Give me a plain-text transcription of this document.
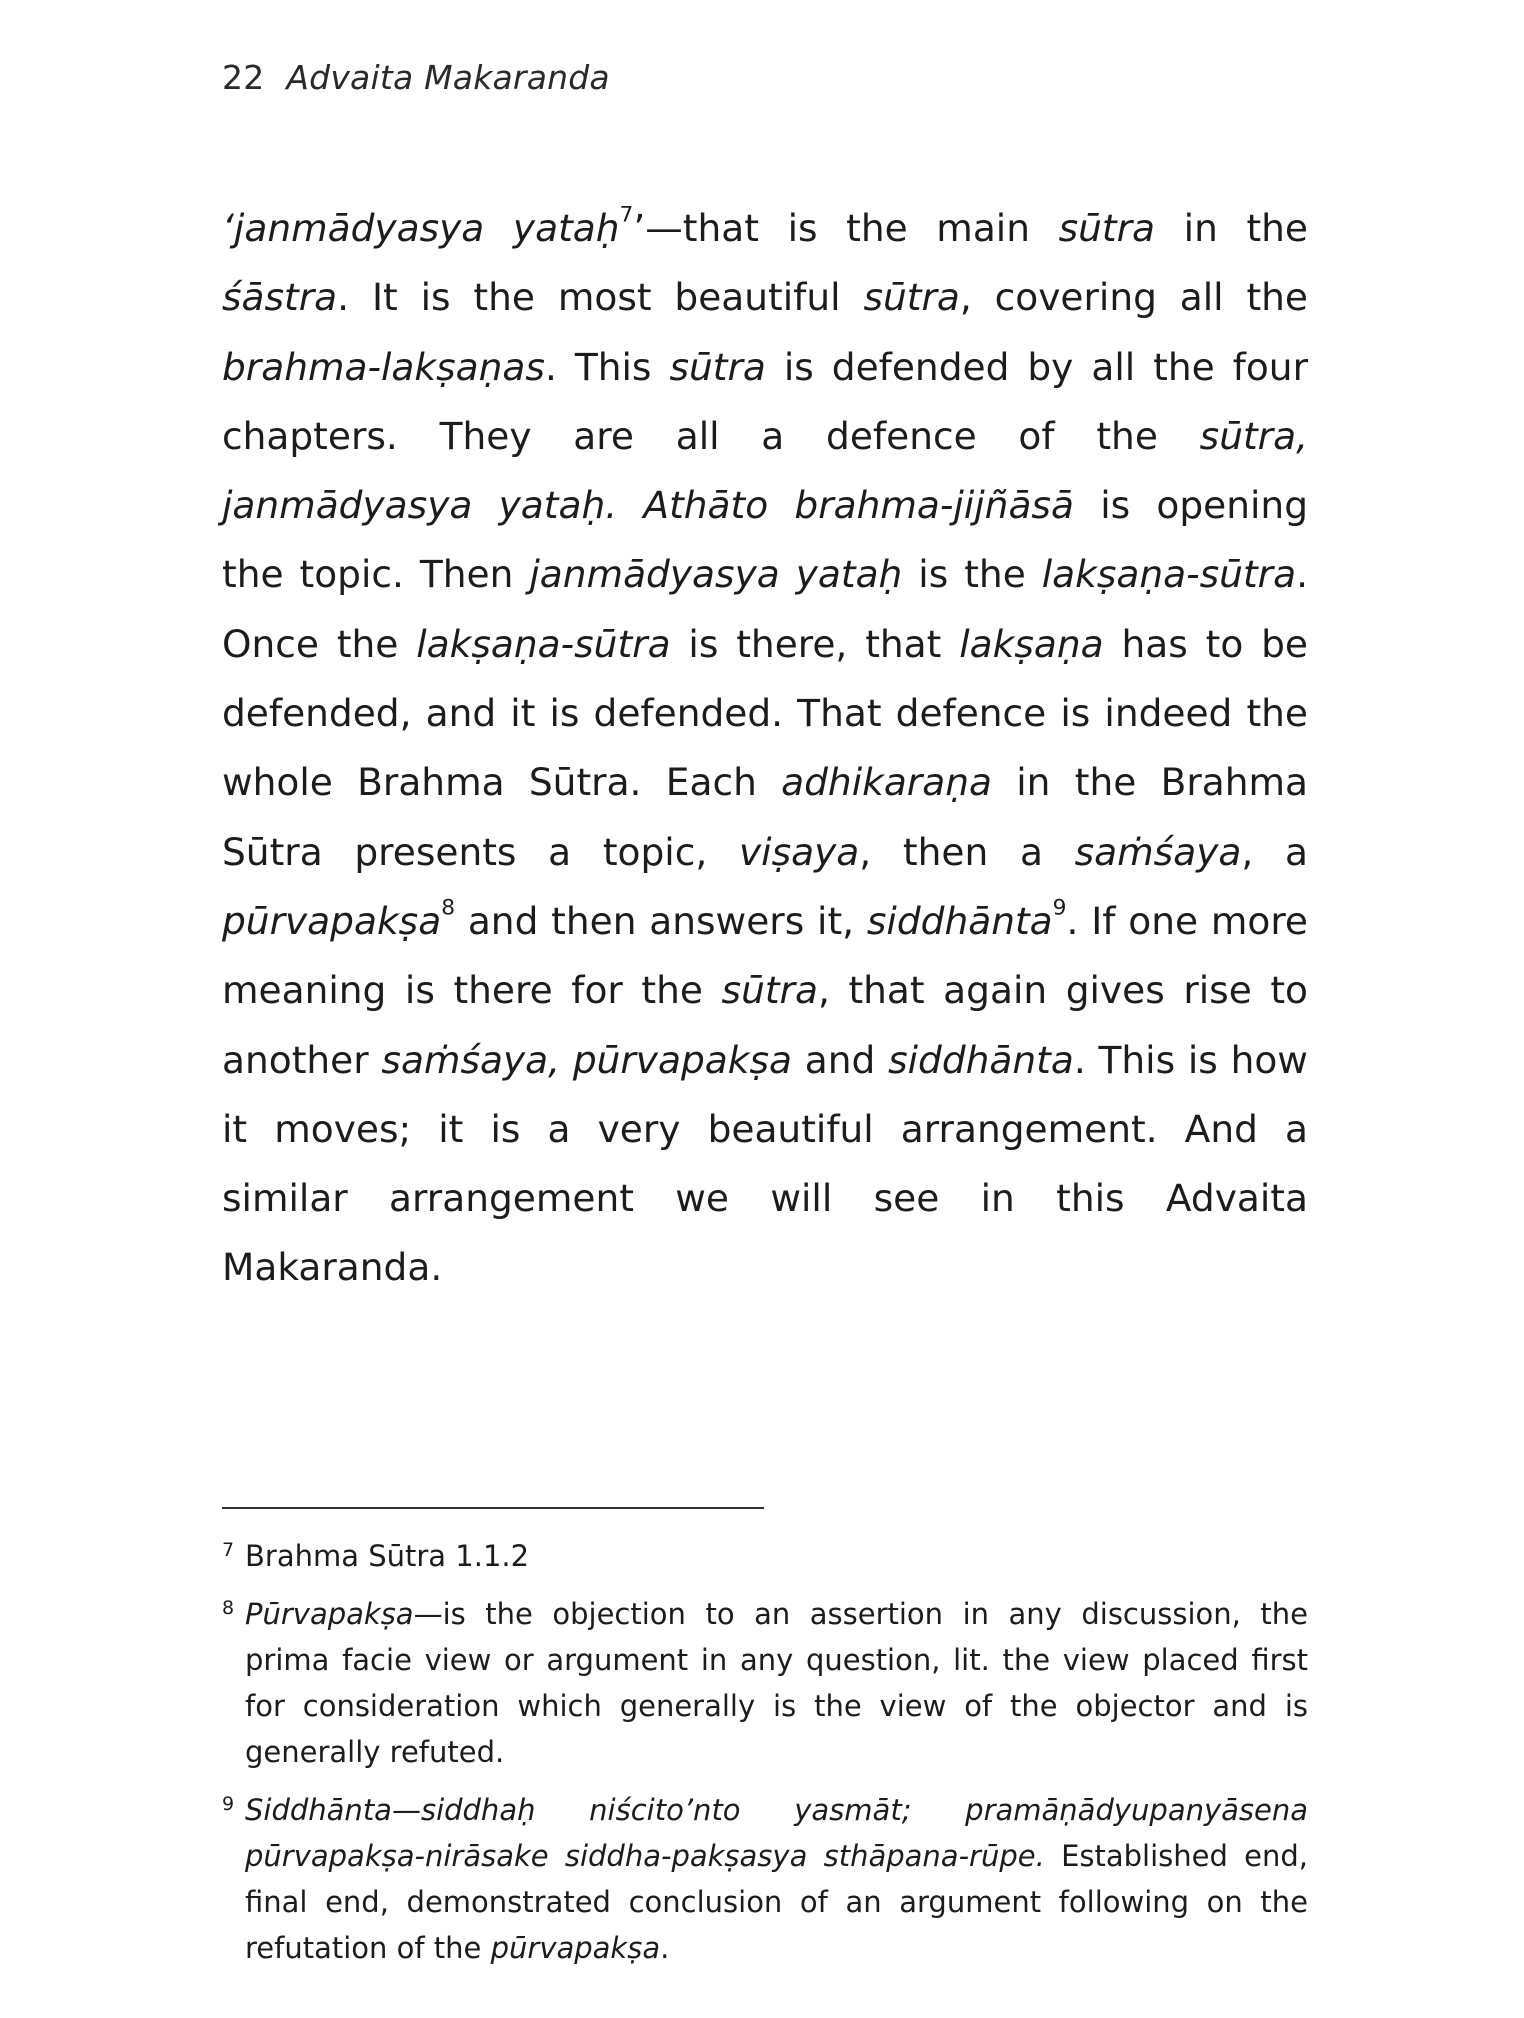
22 Advaita Makaranda

‘janmādyasya yataḥ$^7$’—that is the main sūtra in the śāstra. It is the most beautiful sūtra, covering all the brahma-lakṣaṇas. This sūtra is defended by all the four chapters. They are all a defence of the sūtra, janmādyasya yataḥ. Athāto brahma-jijñāsā is opening the topic. Then janmādyasya yataḥ is the lakṣaṇa-sūtra. Once the lakṣaṇa-sūtra is there, that lakṣaṇa has to be defended, and it is defended. That defence is indeed the whole Brahma Sūtra. Each adhikaraṇa in the Brahma Sūtra presents a topic, viṣaya, then a saṁśaya, a pūrvapakṣa$^8$ and then answers it, siddhānta$^9$. If one more meaning is there for the sūtra, that again gives rise to another saṁśaya, pūrvapakṣa and siddhānta. This is how it moves; it is a very beautiful arrangement. And a similar arrangement we will see in this Advaita Makaranda.

7 Brahma Sūtra 1.1.2
8 Pūrvapakṣa—is the objection to an assertion in any discussion, the prima facie view or argument in any question, lit. the view placed first for consideration which generally is the view of the objector and is generally refuted.
9 Siddhānta—siddhaḥ niścito’nto yasmāt; pramāṇādyupanyāsena pūrvapakṣa-nirāsake siddha-pakṣasya sthāpana-rūpe. Established end, final end, demonstrated conclusion of an argument following on the refutation of the pūrvapakṣa.
